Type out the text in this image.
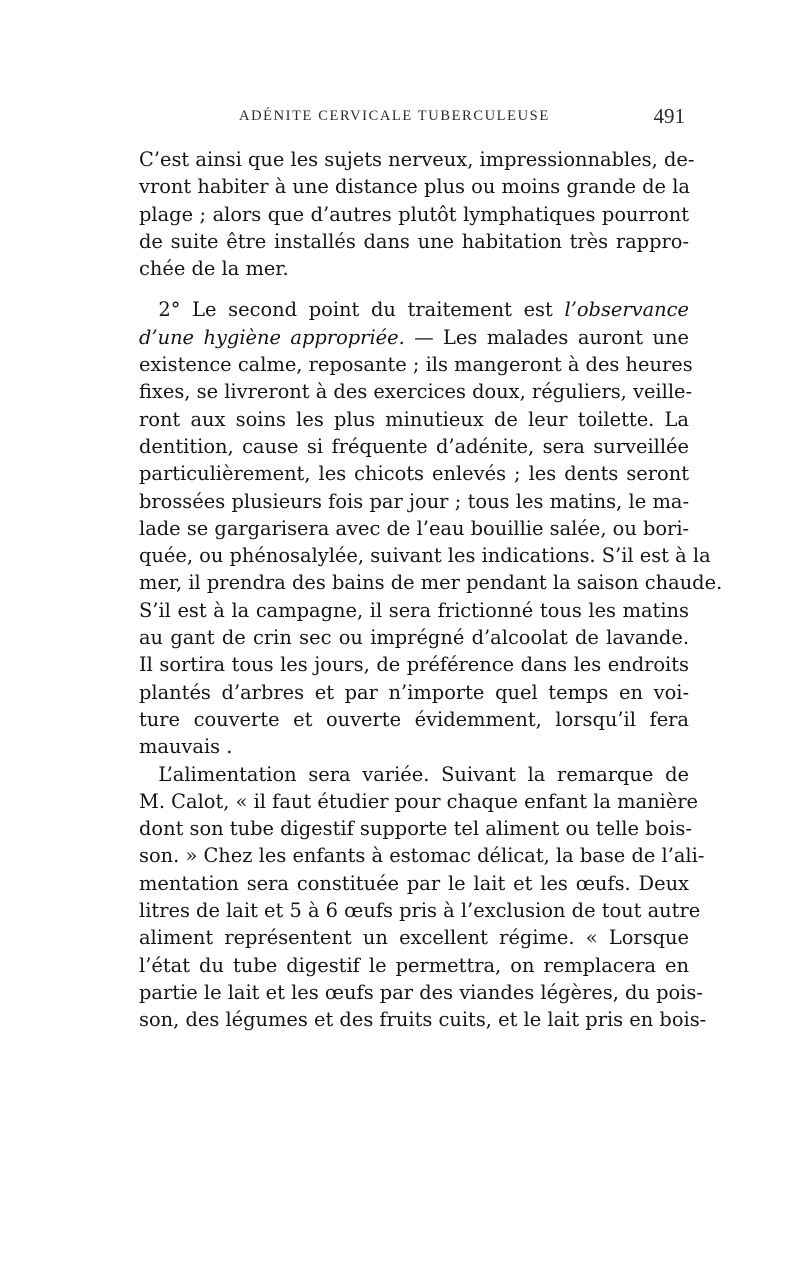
ADÉNITE CERVICALE TUBERCULEUSE	491

C’est ainsi que les sujets nerveux, impressionnables, de-
vront habiter à une distance plus ou moins grande de la
plage ; alors que d’autres plutôt lymphatiques pourront
de suite être installés dans une habitation très rappro-
chée de la mer.

 2° Le second point du traitement est l’observance
d’une hygiène appropriée. — Les malades auront une
existence calme, reposante ; ils mangeront à des heures
fixes, se livreront à des exercices doux, réguliers, veille-
ront aux soins les plus minutieux de leur toilette. La
dentition, cause si fréquente d’adénite, sera surveillée
particulièrement, les chicots enlevés ; les dents seront
brossées plusieurs fois par jour ; tous les matins, le ma-
lade se gargarisera avec de l’eau bouillie salée, ou bori-
quée, ou phénosalylée, suivant les indications. S’il est à la
mer, il prendra des bains de mer pendant la saison chaude.
S’il est à la campagne, il sera frictionné tous les matins
au gant de crin sec ou imprégné d’alcoolat de lavande.
Il sortira tous les jours, de préférence dans les endroits
plantés d’arbres et par n’importe quel temps en voi-
ture couverte et ouverte évidemment, lorsqu’il fera
mauvais .

 L’alimentation sera variée. Suivant la remarque de
M. Calot, « il faut étudier pour chaque enfant la manière
dont son tube digestif supporte tel aliment ou telle bois-
son. » Chez les enfants à estomac délicat, la base de l’ali-
mentation sera constituée par le lait et les œufs. Deux
litres de lait et 5 à 6 œufs pris à l’exclusion de tout autre
aliment représentent un excellent régime. « Lorsque
l’état du tube digestif le permettra, on remplacera en
partie le lait et les œufs par des viandes légères, du pois-
son, des légumes et des fruits cuits, et le lait pris en bois-
